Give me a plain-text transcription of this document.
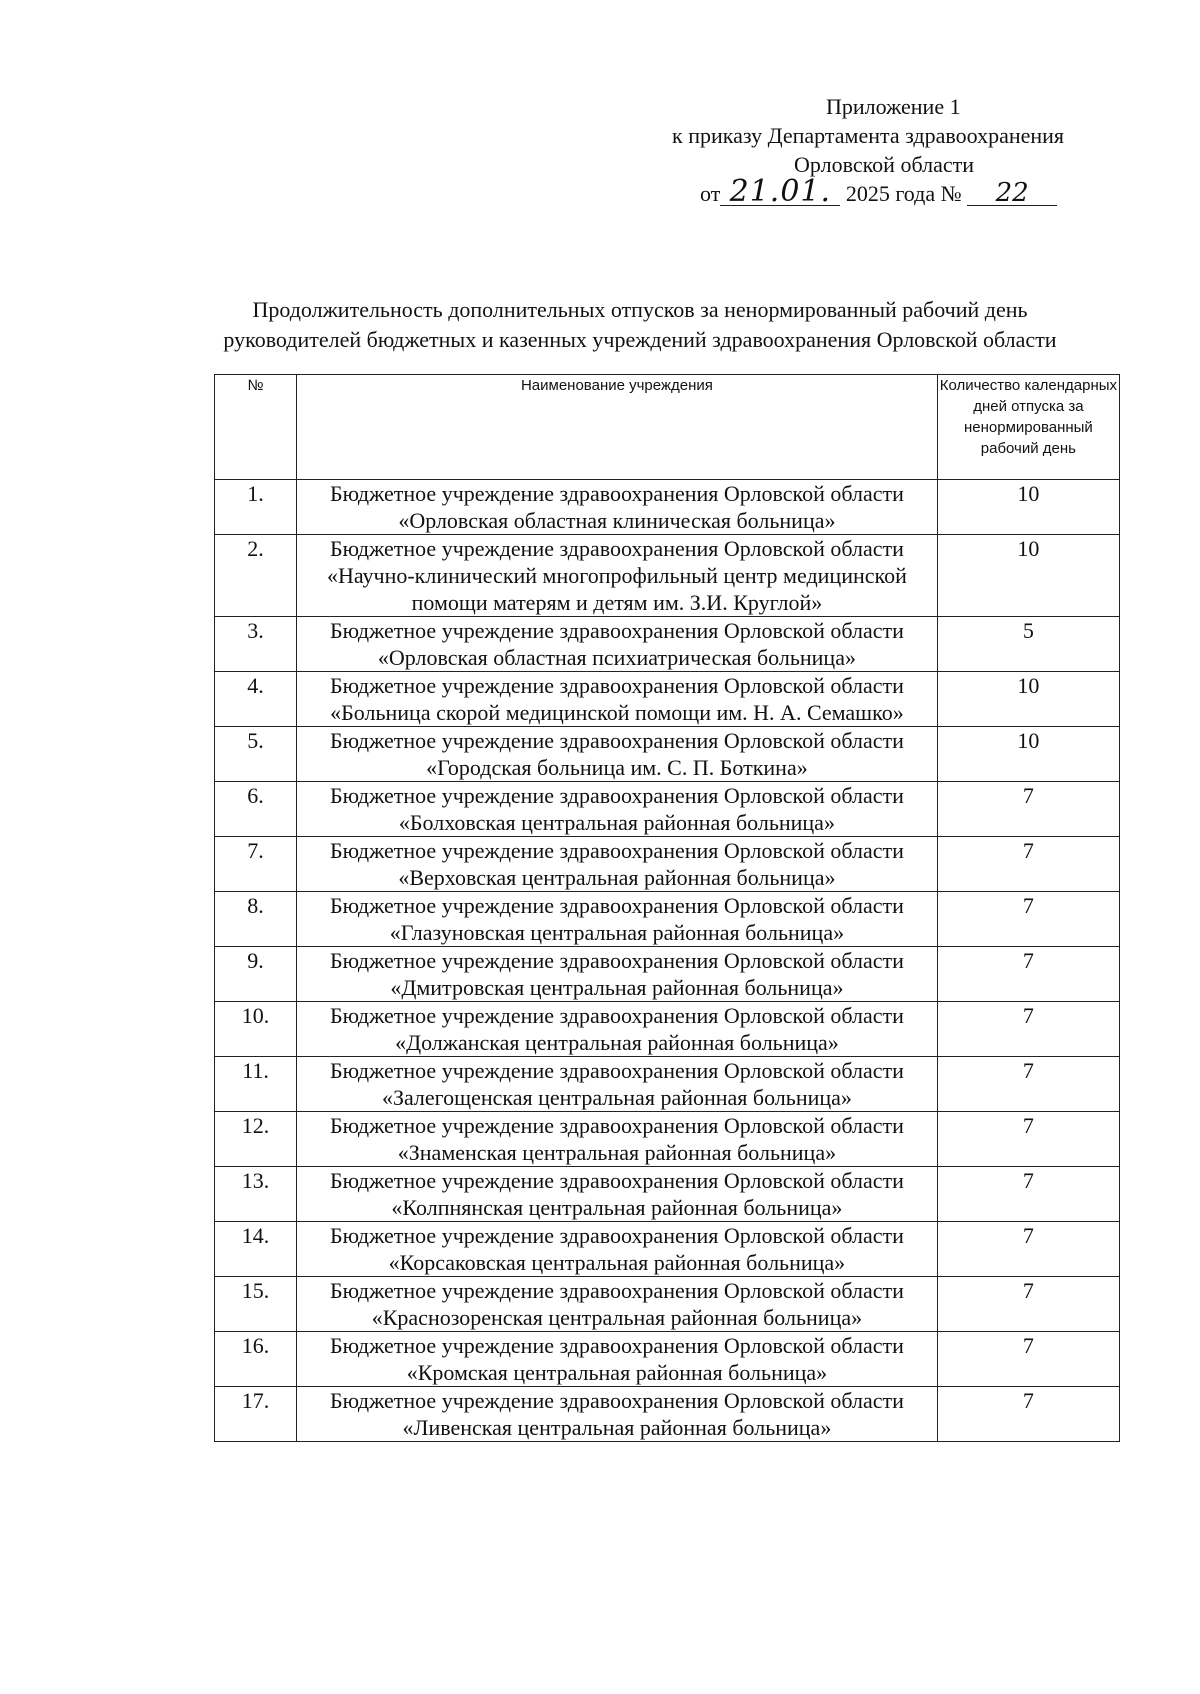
Приложение 1
к приказу Департамента здравоохранения
Орловской области
от 21.01. 2025 года № 22
Продолжительность дополнительных отпусков за ненормированный рабочий день
руководителей бюджетных и казенных учреждений здравоохранения Орловской области
№	Наименование учреждения	Количество календарных дней отпуска за ненормированный рабочий день
1.	Бюджетное учреждение здравоохранения Орловской области «Орловская областная клиническая больница»	10
2.	Бюджетное учреждение здравоохранения Орловской области «Научно-клинический многопрофильный центр медицинской помощи матерям и детям им. З.И. Круглой»	10
3.	Бюджетное учреждение здравоохранения Орловской области «Орловская областная психиатрическая больница»	5
4.	Бюджетное учреждение здравоохранения Орловской области «Больница скорой медицинской помощи им. Н. А. Семашко»	10
5.	Бюджетное учреждение здравоохранения Орловской области «Городская больница им. С. П. Боткина»	10
6.	Бюджетное учреждение здравоохранения Орловской области «Болховская центральная районная больница»	7
7.	Бюджетное учреждение здравоохранения Орловской области «Верховская центральная районная больница»	7
8.	Бюджетное учреждение здравоохранения Орловской области «Глазуновская центральная районная больница»	7
9.	Бюджетное учреждение здравоохранения Орловской области «Дмитровская центральная районная больница»	7
10.	Бюджетное учреждение здравоохранения Орловской области «Должанская центральная районная больница»	7
11.	Бюджетное учреждение здравоохранения Орловской области «Залегощенская центральная районная больница»	7
12.	Бюджетное учреждение здравоохранения Орловской области «Знаменская центральная районная больница»	7
13.	Бюджетное учреждение здравоохранения Орловской области «Колпнянская центральная районная больница»	7
14.	Бюджетное учреждение здравоохранения Орловской области «Корсаковская центральная районная больница»	7
15.	Бюджетное учреждение здравоохранения Орловской области «Краснозоренская центральная районная больница»	7
16.	Бюджетное учреждение здравоохранения Орловской области «Кромская центральная районная больница»	7
17.	Бюджетное учреждение здравоохранения Орловской области «Ливенская центральная районная больница»	7
